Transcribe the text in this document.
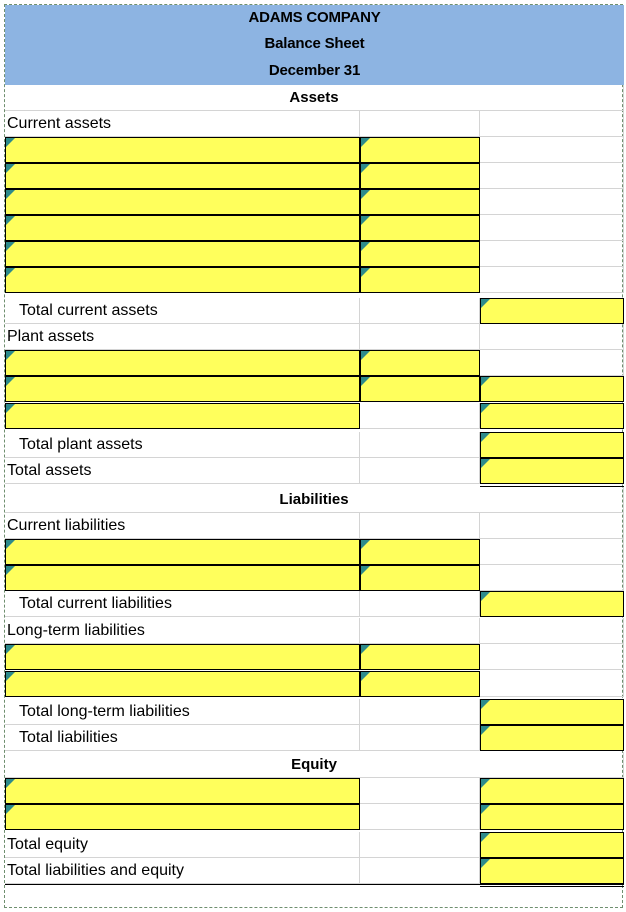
ADAMS COMPANY
Balance Sheet
December 31
Assets
Current assets
Total current assets
Plant assets
Total plant assets
Total assets
Liabilities
Current liabilities
Total current liabilities
Long-term liabilities
Total long-term liabilities
Total liabilities
Equity
Total equity
Total liabilities and equity
